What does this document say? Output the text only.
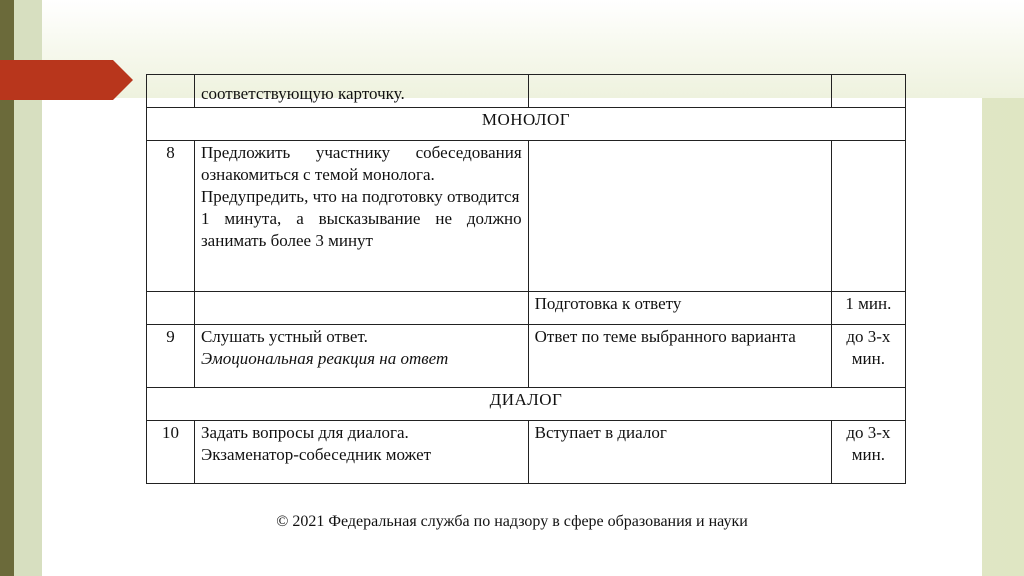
	соответствующую карточку.		

МОНОЛОГ			
8	Предложить участнику собеседования ознакомиться с темой монолога.
Предупредить, что на подготовку отводится
1 минута, а высказывание не должно занимать более 3 минут		

		Подготовка к ответу	1 мин.
9	Слушать устный ответ.
Эмоциональная реакция на ответ	Ответ по теме выбранного варианта	до 3-х мин.
ДИАЛОГ			
10	Задать вопросы для диалога.
Экзаменатор-собеседник может	Вступает в диалог	до 3-х мин.
© 2021 Федеральная служба по надзору в сфере образования и науки
